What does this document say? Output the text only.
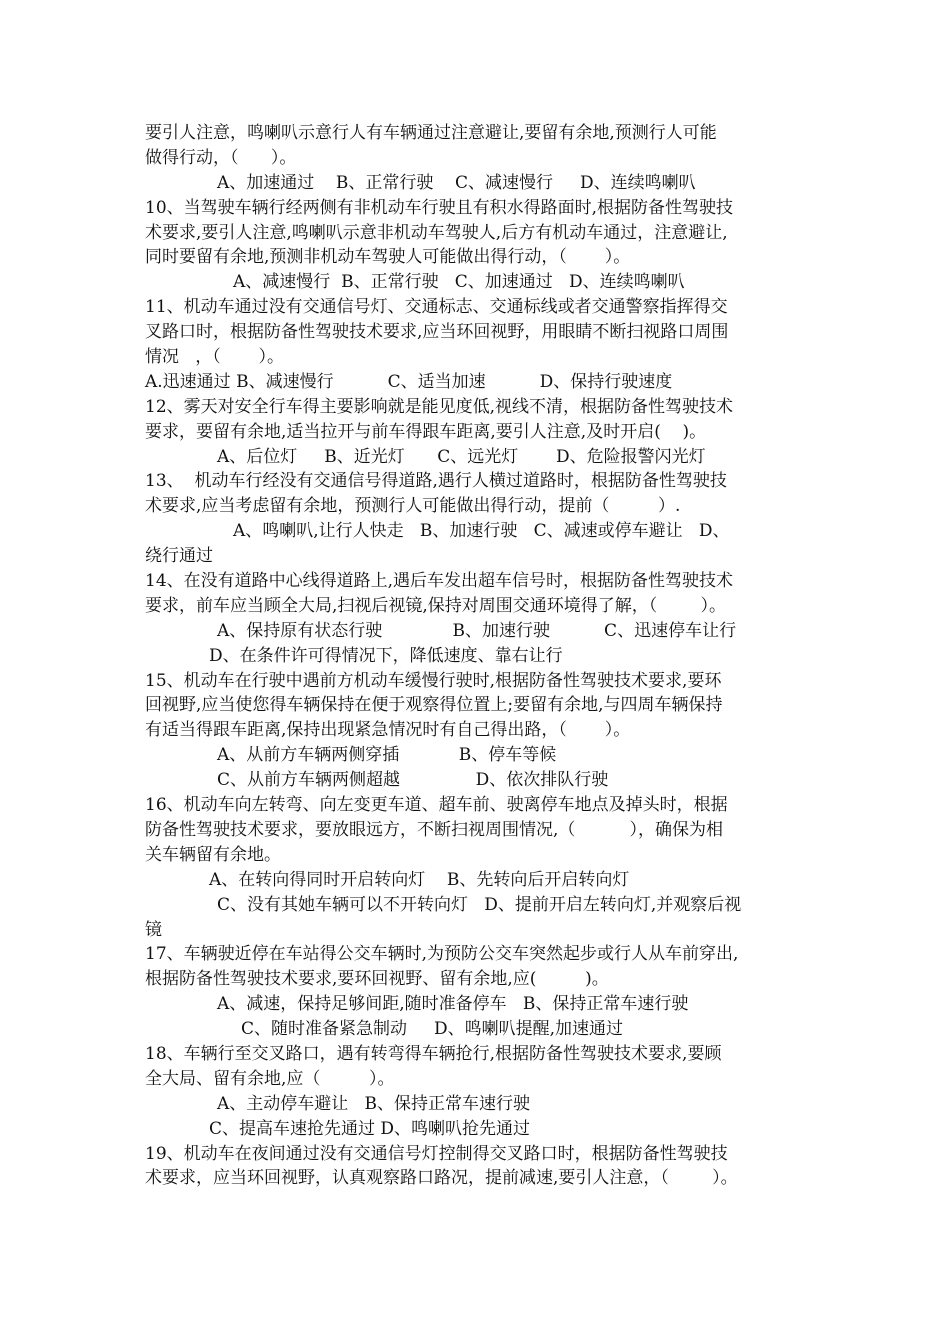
要引人注意，鸣喇叭示意行人有车辆通过注意避让,要留有余地,预测行人可能
做得行动，（      ）。
A、加速通过    B、正常行驶    C、减速慢行     D、连续鸣喇叭
10、当驾驶车辆行经两侧有非机动车行驶且有积水得路面时,根据防备性驾驶技
术要求,要引人注意,鸣喇叭示意非机动车驾驶人,后方有机动车通过，注意避让,
同时要留有余地,预测非机动车驾驶人可能做出得行动，（       ）。
A、减速慢行  B、正常行驶   C、加速通过   D、连续鸣喇叭
11、机动车通过没有交通信号灯、交通标志、交通标线或者交通警察指挥得交
叉路口时，根据防备性驾驶技术要求,应当环回视野，用眼睛不断扫视路口周围
情况   ，（       ）。
A.迅速通过 B、减速慢行          C、适当加速          D、保持行驶速度
12、雾天对安全行车得主要影响就是能见度低,视线不清，根据防备性驾驶技术
要求，要留有余地,适当拉开与前车得跟车距离,要引人注意,及时开启(    )。
A、后位灯     B、近光灯      C、远光灯       D、危险报警闪光灯
13、  机动车行经没有交通信号得道路,遇行人横过道路时，根据防备性驾驶技
术要求,应当考虑留有余地，预测行人可能做出得行动，提前（         ）.
A、鸣喇叭,让行人快走   B、加速行驶   C、减速或停车避让   D、
绕行通过
14、在没有道路中心线得道路上,遇后车发出超车信号时，根据防备性驾驶技术
要求，前车应当顾全大局,扫视后视镜,保持对周围交通环境得了解，（        ）。
A、保持原有状态行驶             B、加速行驶          C、迅速停车让行
D、在条件许可得情况下，降低速度、靠右让行
15、机动车在行驶中遇前方机动车缓慢行驶时,根据防备性驾驶技术要求,要环
回视野,应当使您得车辆保持在便于观察得位置上;要留有余地,与四周车辆保持
有适当得跟车距离,保持出现紧急情况时有自己得出路，（       ）。
A、从前方车辆两侧穿插           B、停车等候
C、从前方车辆两侧超越              D、依次排队行驶
16、机动车向左转弯、向左变更车道、超车前、驶离停车地点及掉头时，根据
防备性驾驶技术要求，要放眼远方，不断扫视周围情况,（          ），确保为相
关车辆留有余地。
A、在转向得同时开启转向灯    B、先转向后开启转向灯
C、没有其她车辆可以不开转向灯   D、提前开启左转向灯,并观察后视
镜
17、车辆驶近停在车站得公交车辆时,为预防公交车突然起步或行人从车前穿出,
根据防备性驾驶技术要求,要环回视野、留有余地,应(         )。
A、减速，保持足够间距,随时准备停车   B、保持正常车速行驶
C、随时准备紧急制动     D、鸣喇叭提醒,加速通过
18、车辆行至交叉路口，遇有转弯得车辆抢行,根据防备性驾驶技术要求,要顾
全大局、留有余地,应（         ）。
A、主动停车避让   B、保持正常车速行驶
C、提高车速抢先通过 D、鸣喇叭抢先通过
19、机动车在夜间通过没有交通信号灯控制得交叉路口时，根据防备性驾驶技
术要求，应当环回视野，认真观察路口路况，提前减速,要引人注意，（        ）。
